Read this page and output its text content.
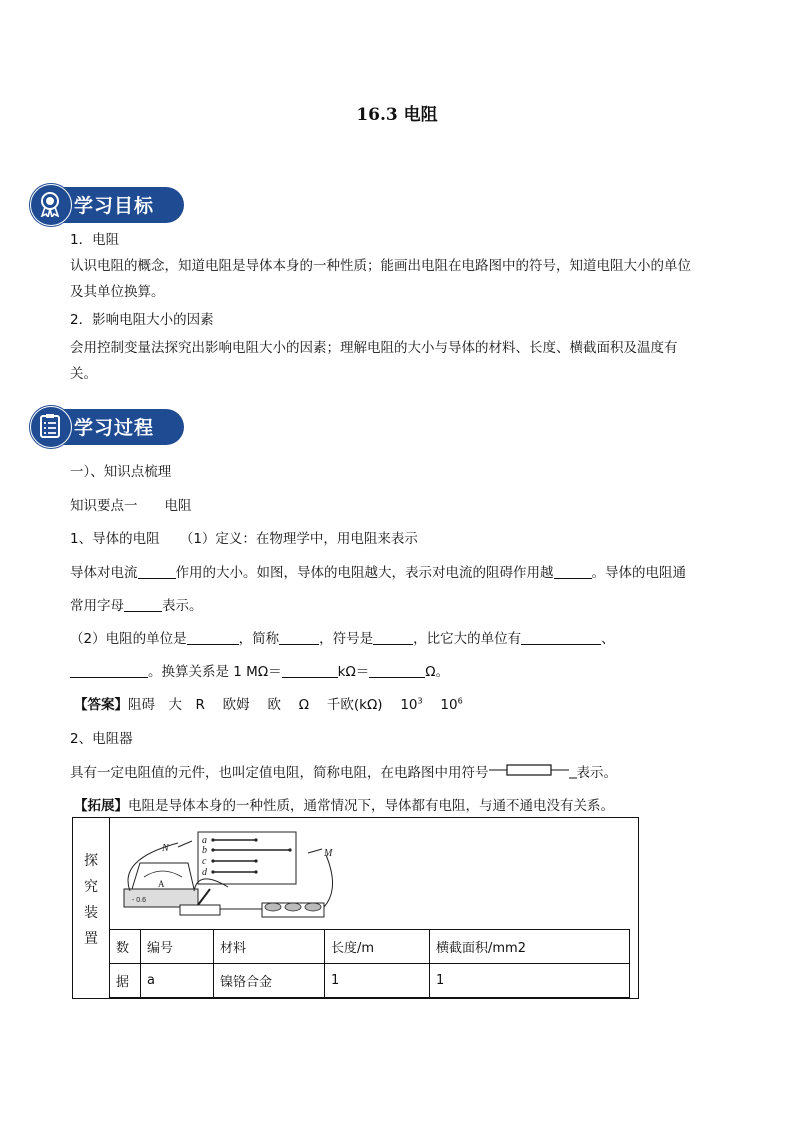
16.3 电阻
学习目标
1．电阻
认识电阻的概念，知道电阻是导体本身的一种性质；能画出电阻在电路图中的符号，知道电阻大小的单位
及其单位换算。
2．影响电阻大小的因素
会用控制变量法探究出影响电阻大小的因素；理解电阻的大小与导体的材料、长度、横截面积及温度有
关。
学习过程
一）、知识点梳理
知识要点一　　电阻
1、导体的电阻　　（1）定义：在物理学中，用电阻来表示
导体对电流	作用的大小。如图，导体的电阻越大，表示对电流的阻碍作用越	。导体的电阻通
常用字母	表示。
（2）电阻的单位是	，简称	，符号是	，比它大的单位有	、
。换算关系是 1 MΩ＝	kΩ＝	Ω。
【答案】阻碍　大　R　 欧姆　 欧　 Ω　 千欧(kΩ)　 $10^3$　 $10^6$
2、电阻器
具有一定电阻值的元件，也叫定值电阻，简称电阻，在电路图中用符号	表示。
【拓展】电阻是导体本身的一种性质，通常情况下，导体都有电阻，与通不通电没有关系。
探
究
装
置
a
b
c
d
N	M
A
- 0.6
数	编号	材料	长度/m	横截面积/mm2
据	a	镍铬合金	1	1
